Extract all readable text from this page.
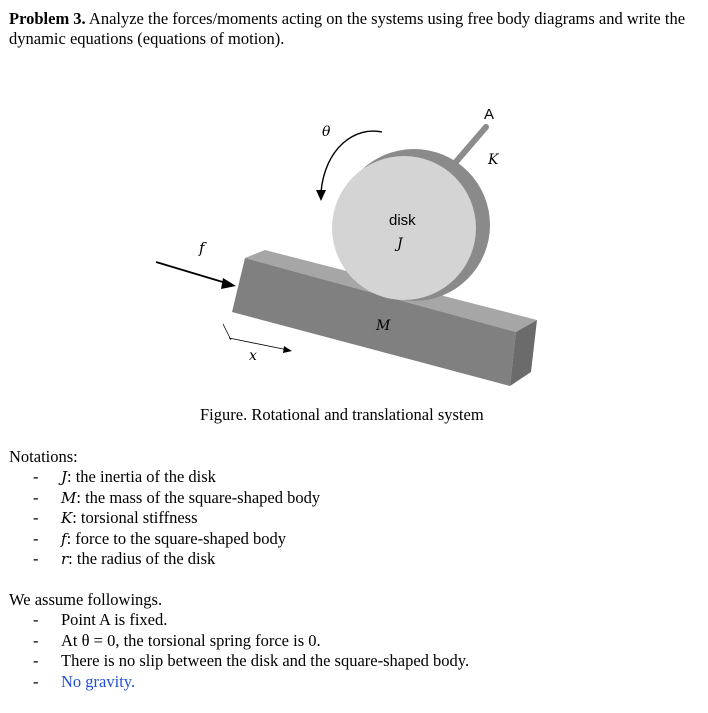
Problem 3. Analyze the forces/moments acting on the systems using free body diagrams and write the dynamic equations (equations of motion).
A
K
θ
disk
J
M
f
x
Figure. Rotational and translational system
Notations:
- J: the inertia of the disk
- M: the mass of the square-shaped body
- K: torsional stiffness
- f: force to the square-shaped body
- r: the radius of the disk
We assume followings.
- Point A is fixed.
- At θ = 0, the torsional spring force is 0.
- There is no slip between the disk and the square-shaped body.
- No gravity.
